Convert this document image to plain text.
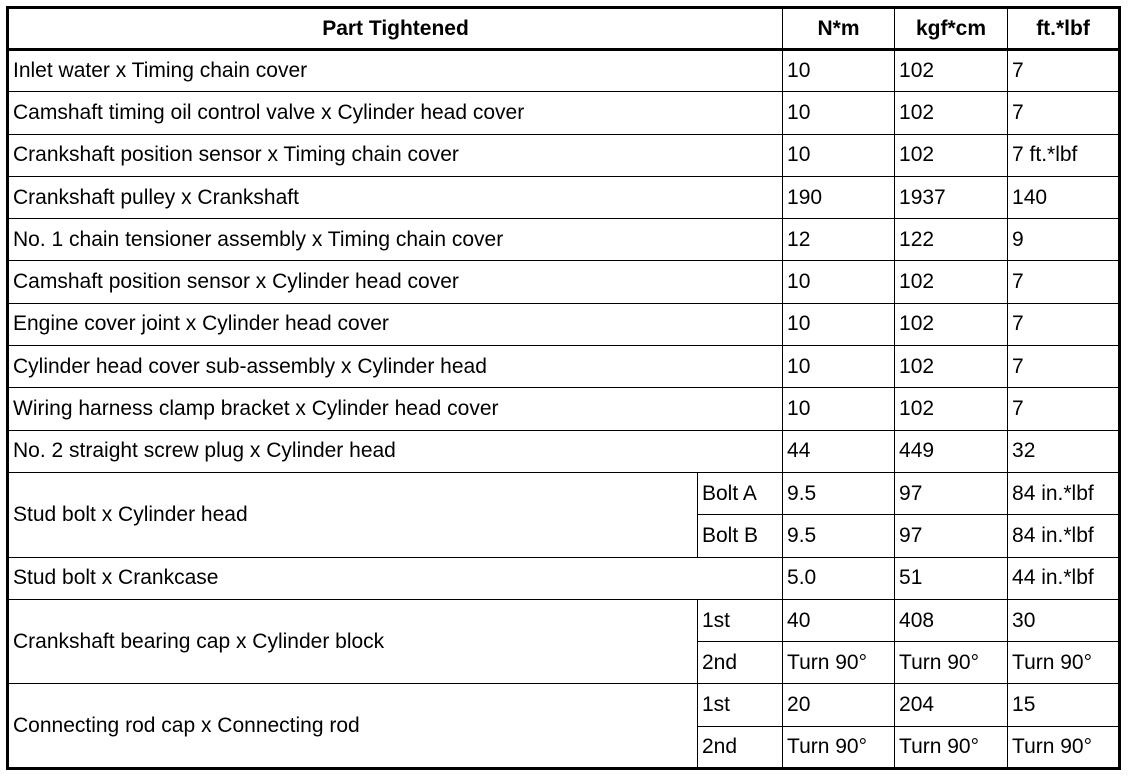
Part Tightened		N*m	kgf*cm	ft.*lbf
Inlet water x Timing chain cover		10	102	7
Camshaft timing oil control valve x Cylinder head cover		10	102	7
Crankshaft position sensor x Timing chain cover		10	102	7 ft.*lbf
Crankshaft pulley x Crankshaft		190	1937	140
No. 1 chain tensioner assembly x Timing chain cover		12	122	9
Camshaft position sensor x Cylinder head cover		10	102	7
Engine cover joint x Cylinder head cover		10	102	7
Cylinder head cover sub-assembly x Cylinder head		10	102	7
Wiring harness clamp bracket x Cylinder head cover		10	102	7
No. 2 straight screw plug x Cylinder head		44	449	32
Stud bolt x Cylinder head	Bolt A	9.5	97	84 in.*lbf
	Bolt B	9.5	97	84 in.*lbf
Stud bolt x Crankcase		5.0	51	44 in.*lbf
Crankshaft bearing cap x Cylinder block	1st	40	408	30
	2nd	Turn 90°	Turn 90°	Turn 90°
Connecting rod cap x Connecting rod	1st	20	204	15
	2nd	Turn 90°	Turn 90°	Turn 90°
